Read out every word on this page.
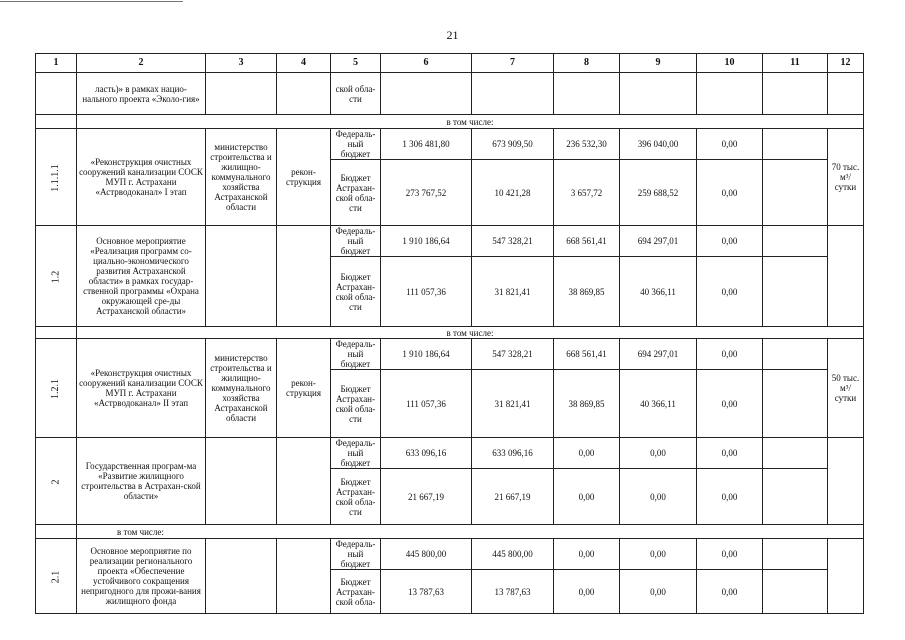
21
1	2	3	4	5	6	7	8	9	10	11	12
	ласть)» в рамках нацио-нального проекта «Эколо-гия»			ской обла-сти							
	в том числе:										
1.1.1.1	«Реконструкция очистных сооружений канализации СОСК МУП г. Астрахани «Астрводоканал» I этап	министерство строительства и жилищно-коммунального хозяйства Астраханской области	рекон-струкция	Федераль-ный бюджет	1 306 481,80	673 909,50	236 532,30	396 040,00	0,00		70 тыс. м³/ сутки
				Бюджет Астрахан-ской обла-сти	273 767,52	10 421,28	3 657,72	259 688,52	0,00		
1.2	Основное мероприятие «Реализация программ со-циально-экономического развития Астраханской области» в рамках государ-ственной программы «Охрана окружающей сре-ды Астраханской области»			Федераль-ный бюджет	1 910 186,64	547 328,21	668 561,41	694 297,01	0,00		
				Бюджет Астрахан-ской обла-сти	111 057,36	31 821,41	38 869,85	40 366,11	0,00		
	в том числе:										
1.2.1	«Реконструкция очистных сооружений канализации СОСК МУП г. Астрахани «Астрводоканал» II этап	министерство строительства и жилищно-коммунального хозяйства Астраханской области	рекон-струкция	Федераль-ный бюджет	1 910 186,64	547 328,21	668 561,41	694 297,01	0,00		50 тыс. м³/ сутки
				Бюджет Астрахан-ской обла-сти	111 057,36	31 821,41	38 869,85	40 366,11	0,00		
2	Государственная програм-ма «Развитие жилищного строительства в Астрахан-ской области»			Федераль-ный бюджет	633 096,16	633 096,16	0,00	0,00	0,00		
				Бюджет Астрахан-ской обла-сти	21 667,19	21 667,19	0,00	0,00	0,00		
	в том числе:										
2.1	Основное мероприятие по реализации регионального проекта «Обеспечение устойчивого сокращения непригодного для прожи-вания жилищного фонда			Федераль-ный бюджет	445 800,00	445 800,00	0,00	0,00	0,00		
				Бюджет Астрахан-ской обла-	13 787,63	13 787,63	0,00	0,00	0,00		
